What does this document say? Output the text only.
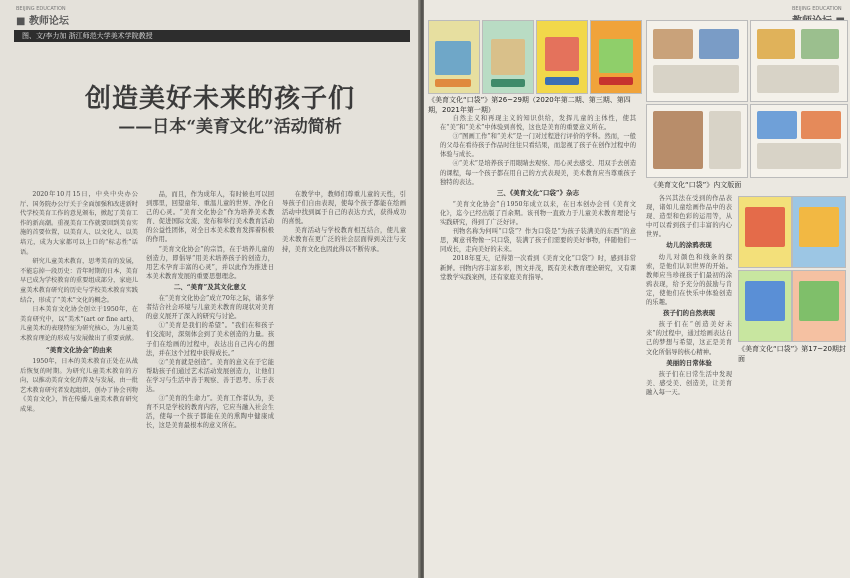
BEIJING EDUCATION
■ 教师论坛
图、文/李力加 浙江师范大学美术学院教授
创造美好未来的孩子们
——日本“美育文化”活动简析

2020年10月15日，中央中央办公厅、国务院办公厅关于全面加强和改进新时代学校美育工作的意见颁布，掀起了美育工作的新高潮。重视美育工作就要回到美育实施的首要位置，以美育人、以文化人、以美培元，成为大家都可以上口的“标志性”话语。

研究儿童美术教育，思考美育的发展，不能忘掉一段历史：青年时期的日本，美育早已成为学校教育的重要组成部分，家庭儿童美术教育研究的历史与学校美术教育实践结合，形成了“美术”文化的概念。

日本美育文化协会创立于1950年，在美育研究中，以“美术”(art or fine art)、儿童美术的表现特征为研究核心，为儿童美术教育理论的形成与发展做出了重要贡献。

“美育文化协会”的由来

1950年，日本的美术教育正处在从战后恢复的时期。为研究儿童美术教育的方向，以推动美育文化的普及与发展，由一批艺术教育研究者发起组织，创办了协会刊物《美育文化》，旨在传播儿童美术教育研究成果。

品，而且，作为成年人，有时候也可以回到那里，回望童年、重温儿童的世界、净化自己的心灵。“美育文化协会”作为培养美术教育、促进国际文流、发布和举行美术教育活动的公益性团体，对全日本美术教育发挥着积极的作用。

“美育文化协会”的宗旨，在于培养儿童的创造力，即倡导“用美术培养孩子的创造力，用艺术孕育丰富的心灵”，并以此作为推进日本美术教育发展的重要思想理念。

二、“美育”及其文化意义

在“美育文化协会”成立70年之际，诸多学者结合社会环境与儿童美术教育的现状对美育的意义展开了深入的研究与讨论。

①“美育是我们的希望”。“我们在和孩子们交流时，深刻体会到了美术创造的力量。孩子们在绘画的过程中，表达出自己内心的想法，并在这个过程中获得成长。”

②“美育就是创造”。美育的意义在于它能帮助孩子们通过艺术活动发展创造力，让他们在学习与生活中善于观察、善于思考、乐于表达。

③“美育的生命力”。美育工作者认为，美育不只是学校的教育内容，它应当融入社会生活，使每一个孩子都能在美的熏陶中健康成长，这是美育最根本的意义所在。

在教学中，教师们尊重儿童的天性，引导孩子们自由表现，使每个孩子都能在绘画活动中找到属于自己的表达方式，获得成功的喜悦。

美育活动与学校教育相互结合，使儿童美术教育在更广泛的社会层面得到关注与支持，美育文化也因此得以不断传承。

BEIJING EDUCATION
《美育文化“口袋”》第26~29期（2020年第二期、第三期、第四期，2021年第一期）
《美育文化“口袋”》内文版面

自然主义和再现主义的知识供给，发挥儿童的主体性，使其在“美”和“美术”中体验到喜悦，这也是美育的重要意义所在。

③“图画工作”和“美术”是一门对过程进行评价的学科。然而，一般的父母在看待孩子作品时往往只看结果，而忽视了孩子在创作过程中的体验与成长。

④“美术”是培养孩子用眼睛去观察、用心灵去感受、用双手去创造的课程，每一个孩子都在用自己的方式表现美，美术教育应当尊重孩子独特的表达。

三、《美育文化“口袋”》杂志

“美育文化协会”自1950年成立以来，在日本创办会刊《美育文化》，迄今已经出版了百余期。该刊物一直致力于儿童美术教育理论与实践研究，得到了广泛好评。

刊物名称为何叫“口袋”？作为口袋是“为孩子装满美的东西”的意思，寓意刊物像一只口袋，装满了孩子们需要的美好事物，伴随他们一同成长，走向美好的未来。

2018年夏天，记得第一次看到《美育文化“口袋”》时，感到非常新鲜。刊物内容丰富多彩，图文并茂，既有美术教育理论研究，又有课堂教学实践案例，还有家庭美育指导。

各兴其法在受到的作品表现，诸如儿童绘画作品中的表现、造型和色彩的运用等，从中可以看到孩子们丰富的内心世界。

幼儿的涂鸦表现

幼儿对颜色和线条的探索，是他们认识世界的开始。教师应当珍视孩子们最初的涂鸦表现，给予充分的鼓励与肯定，使他们在快乐中体验创造的乐趣。

孩子们的自然表现

孩子们在“创造美好未来”的过程中，通过绘画表达自己的梦想与希望，这正是美育文化所倡导的核心精神。

美丽的日常体验

孩子们在日常生活中发现美、感受美、创造美，让美育融入每一天。

《美育文化“口袋”》第17~20期封面
